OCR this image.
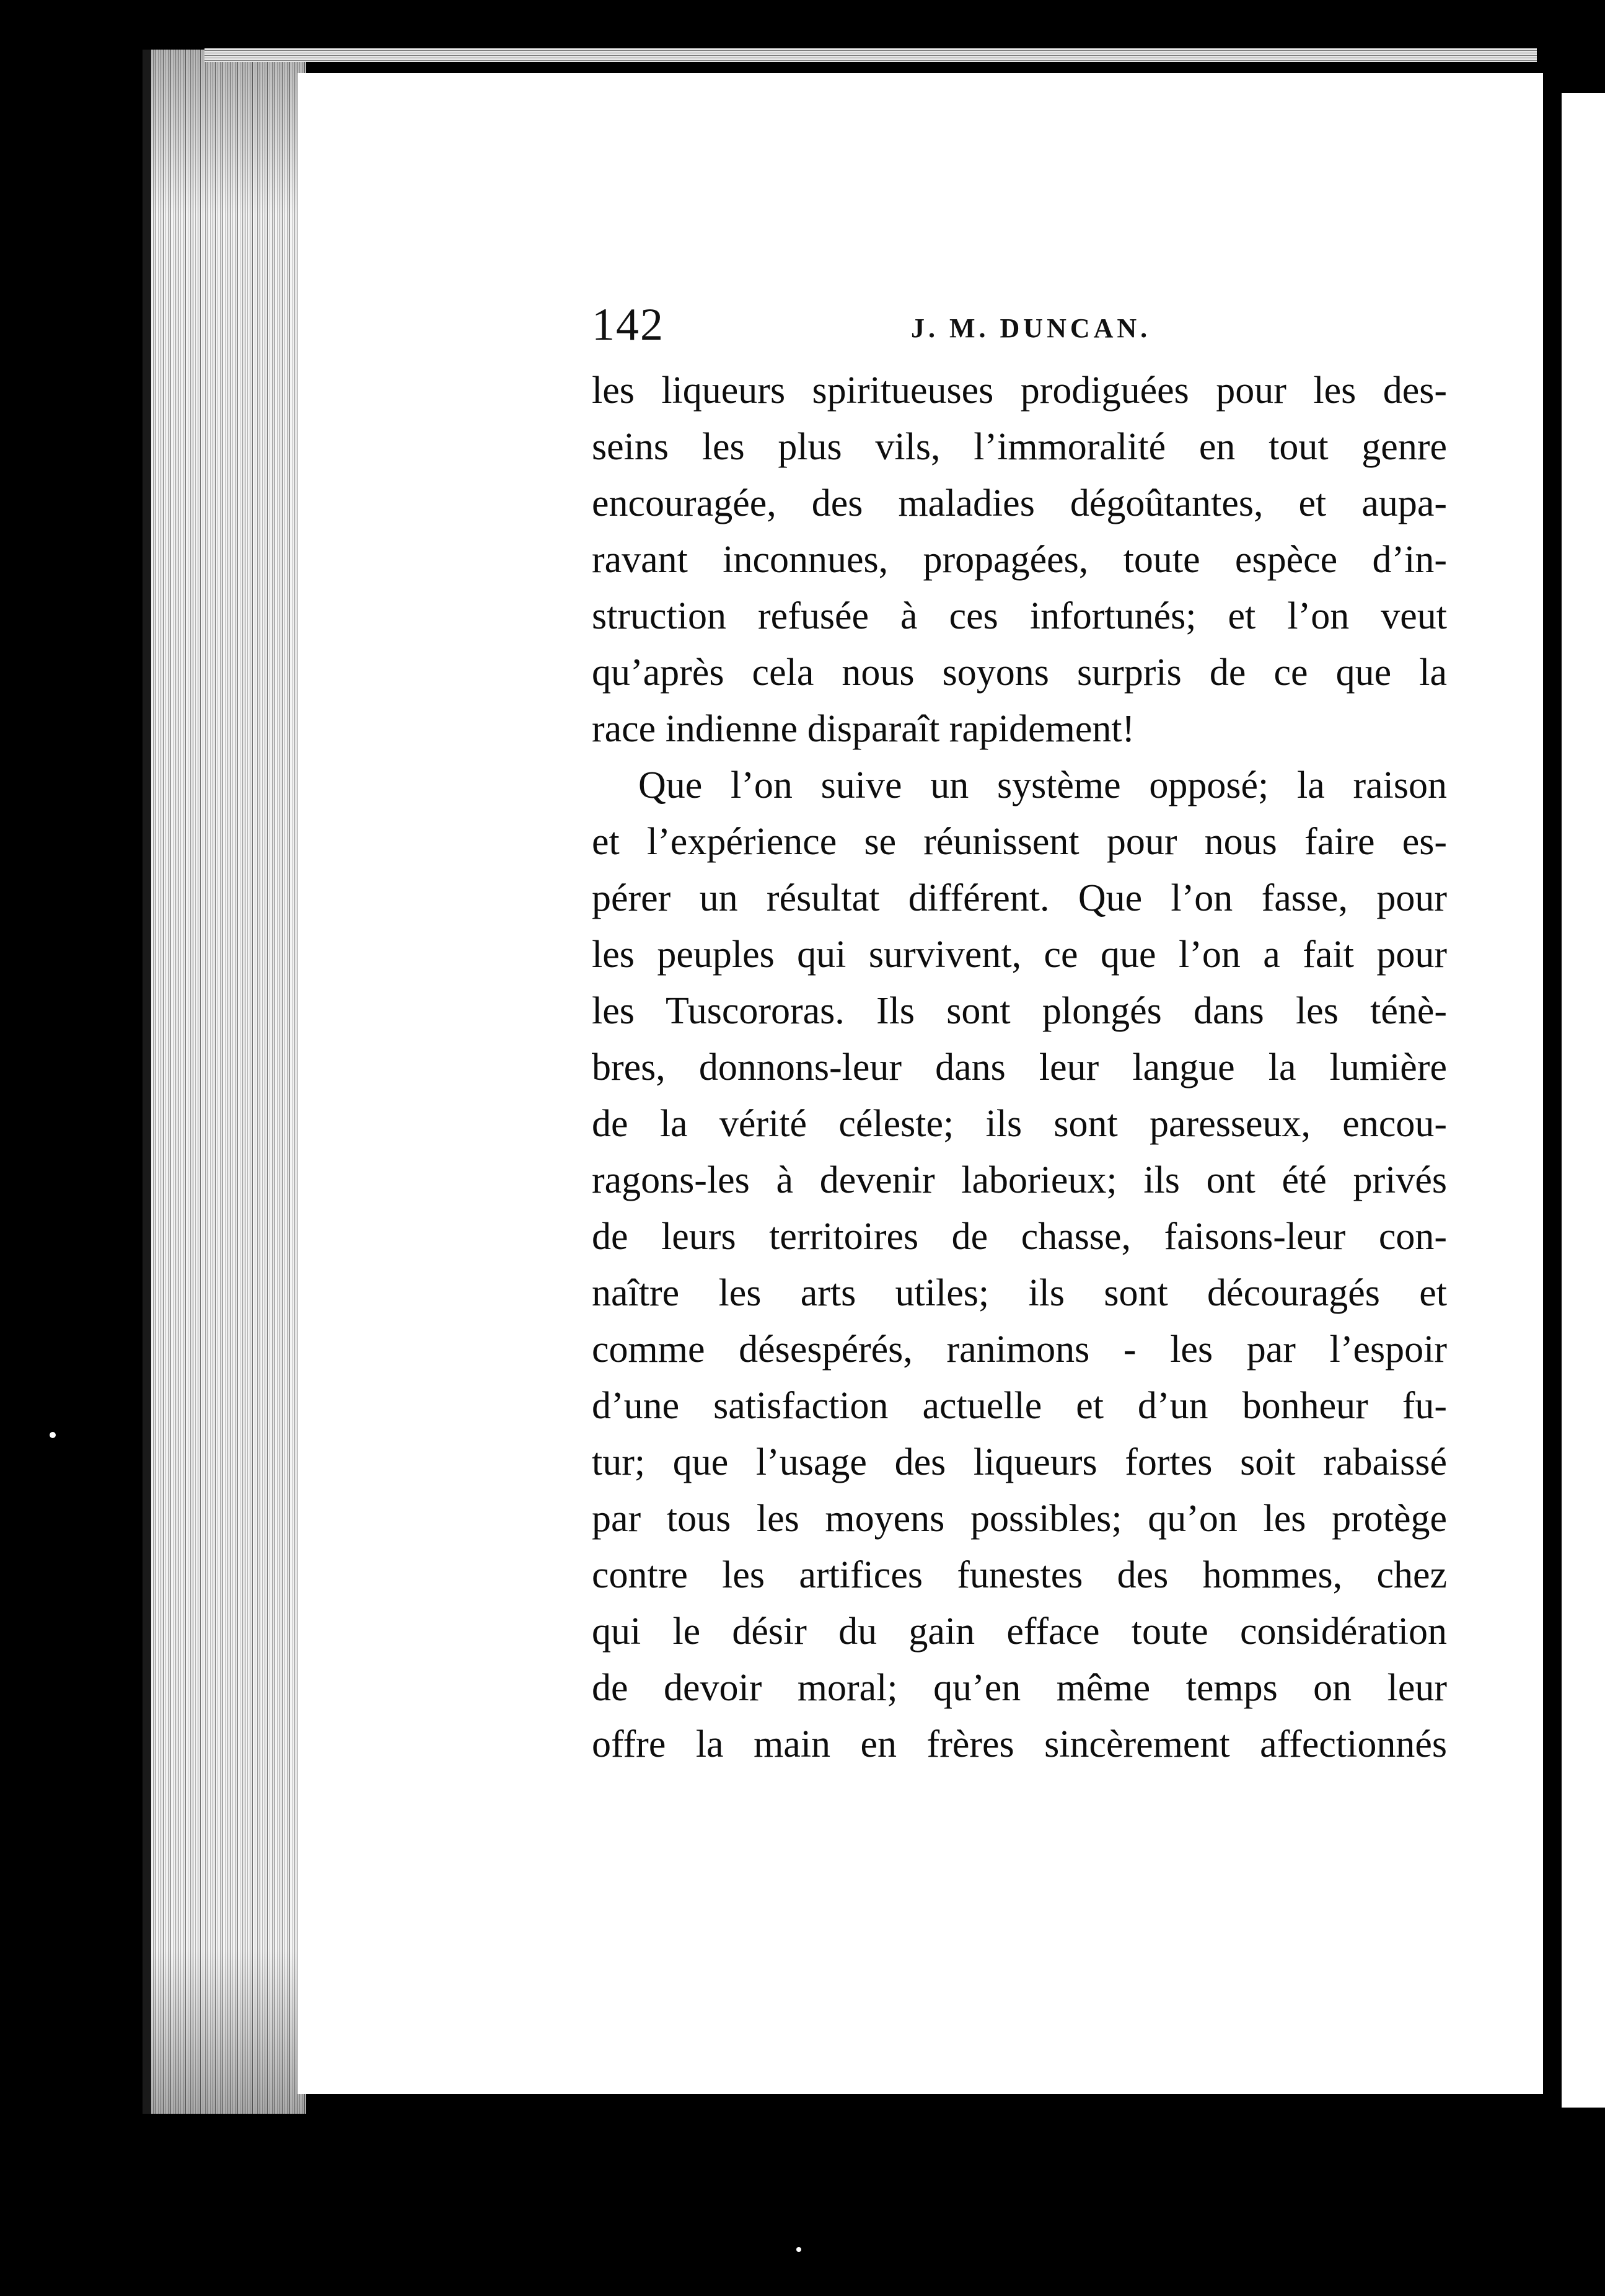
142	J. M. DUNCAN.
les liqueurs spiritueuses prodiguées pour les des-
seins les plus vils, l’immoralité en tout genre
encouragée, des maladies dégoûtantes, et aupa-
ravant inconnues, propagées, toute espèce d’in-
struction refusée à ces infortunés; et l’on veut
qu’après cela nous soyons surpris de ce que la
race indienne disparaît rapidement!
Que l’on suive un système opposé; la raison
et l’expérience se réunissent pour nous faire es-
pérer un résultat différent. Que l’on fasse, pour
les peuples qui survivent, ce que l’on a fait pour
les Tuscororas. Ils sont plongés dans les ténè-
bres, donnons-leur dans leur langue la lumière
de la vérité céleste; ils sont paresseux, encou-
ragons-les à devenir laborieux; ils ont été privés
de leurs territoires de chasse, faisons-leur con-
naître les arts utiles; ils sont découragés et
comme désespérés, ranimons - les par l’espoir
d’une satisfaction actuelle et d’un bonheur fu-
tur; que l’usage des liqueurs fortes soit rabaissé
par tous les moyens possibles; qu’on les protège
contre les artifices funestes des hommes, chez
qui le désir du gain efface toute considération
de devoir moral; qu’en même temps on leur
offre la main en frères sincèrement affectionnés
